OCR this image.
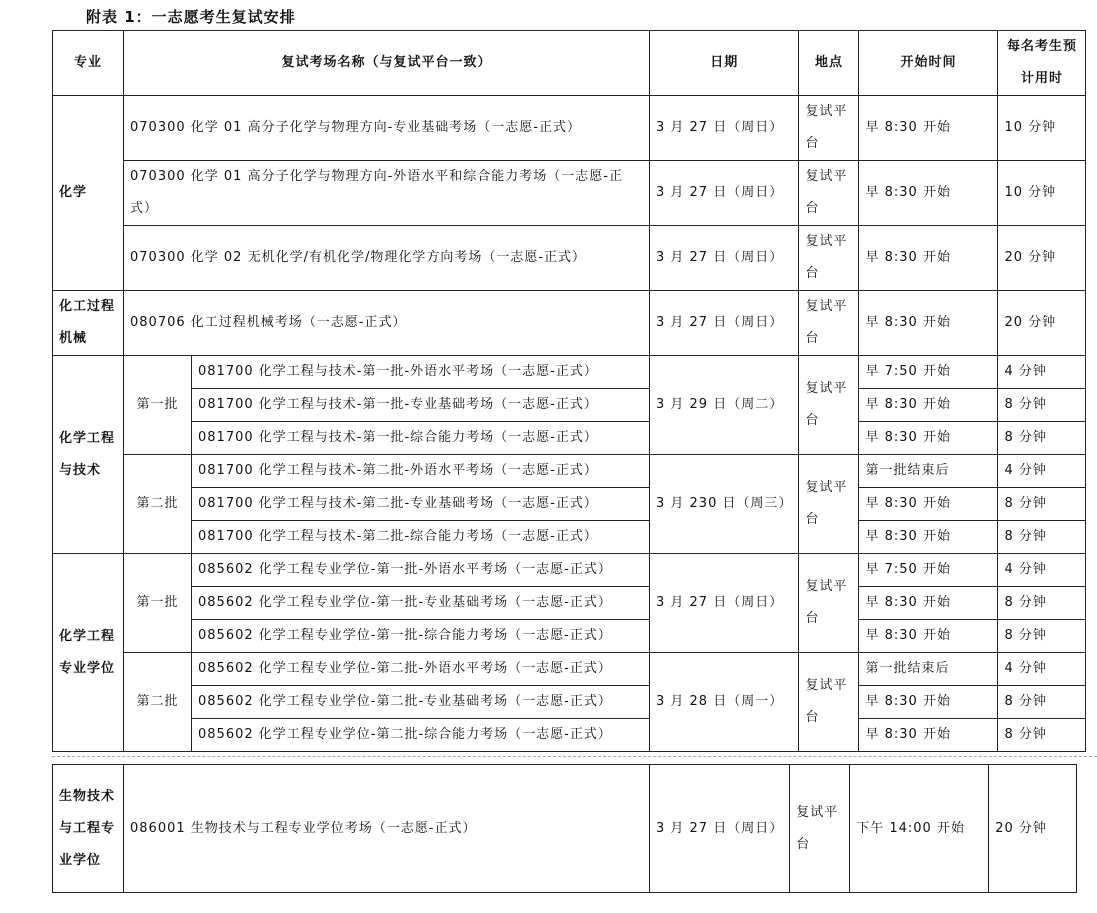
附表 1：一志愿考生复试安排
专业	复试考场名称（与复试平台一致）		日期	地点	开始时间	每名考生预计用时
化学	070300 化学 01 高分子化学与物理方向-专业基础考场（一志愿-正式）		3 月 27 日（周日）	复试平台	早 8:30 开始	10 分钟
	070300 化学 01 高分子化学与物理方向-外语水平和综合能力考场（一志愿-正式）		3 月 27 日（周日）	复试平台	早 8:30 开始	10 分钟
	070300 化学 02 无机化学/有机化学/物理化学方向考场（一志愿-正式）		3 月 27 日（周日）	复试平台	早 8:30 开始	20 分钟
化工过程机械	080706 化工过程机械考场（一志愿-正式）		3 月 27 日（周日）	复试平台	早 8:30 开始	20 分钟
化学工程与技术	第一批	081700 化学工程与技术-第一批-外语水平考场（一志愿-正式）	3 月 29 日（周二）	复试平台	早 7:50 开始	4 分钟
		081700 化学工程与技术-第一批-专业基础考场（一志愿-正式）			早 8:30 开始	8 分钟
		081700 化学工程与技术-第一批-综合能力考场（一志愿-正式）			早 8:30 开始	8 分钟
	第二批	081700 化学工程与技术-第二批-外语水平考场（一志愿-正式）	3 月 230 日（周三）	复试平台	第一批结束后	4 分钟
		081700 化学工程与技术-第二批-专业基础考场（一志愿-正式）			早 8:30 开始	8 分钟
		081700 化学工程与技术-第二批-综合能力考场（一志愿-正式）			早 8:30 开始	8 分钟
化学工程专业学位	第一批	085602 化学工程专业学位-第一批-外语水平考场（一志愿-正式）	3 月 27 日（周日）	复试平台	早 7:50 开始	4 分钟
		085602 化学工程专业学位-第一批-专业基础考场（一志愿-正式）			早 8:30 开始	8 分钟
		085602 化学工程专业学位-第一批-综合能力考场（一志愿-正式）			早 8:30 开始	8 分钟
	第二批	085602 化学工程专业学位-第二批-外语水平考场（一志愿-正式）	3 月 28 日（周一）	复试平台	第一批结束后	4 分钟
		085602 化学工程专业学位-第二批-专业基础考场（一志愿-正式）			早 8:30 开始	8 分钟
		085602 化学工程专业学位-第二批-综合能力考场（一志愿-正式）			早 8:30 开始	8 分钟
生物技术与工程专业学位	086001 生物技术与工程专业学位考场（一志愿-正式）	3 月 27 日（周日）	复试平台	下午 14:00 开始	20 分钟
